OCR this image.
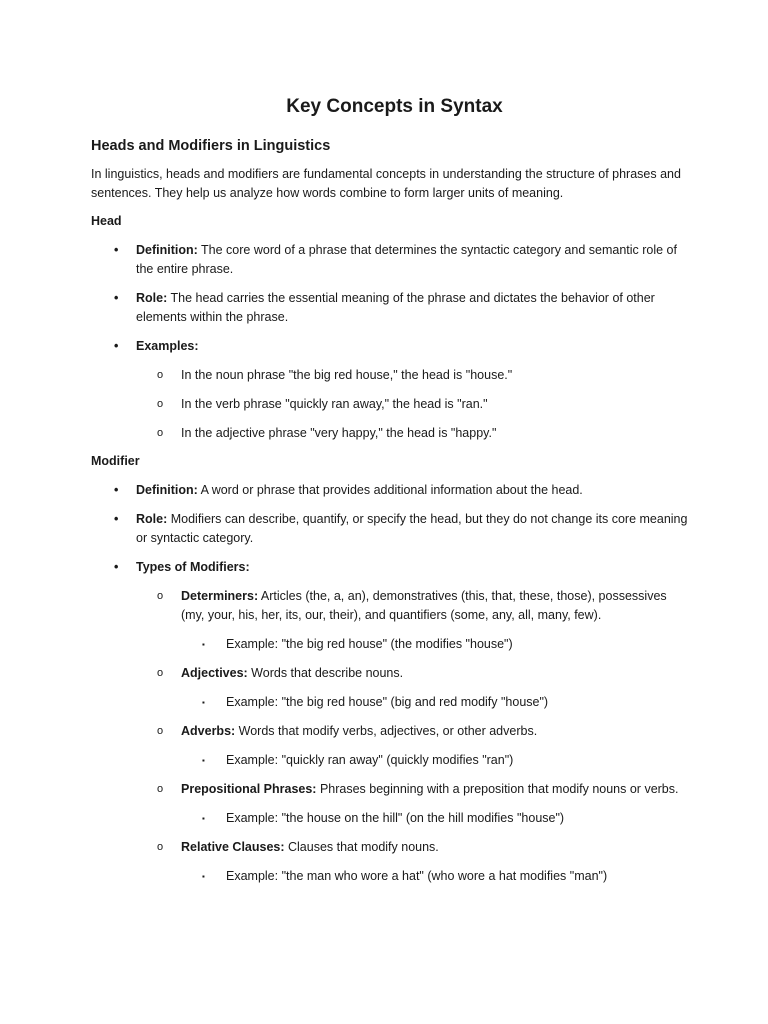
Key Concepts in Syntax
Heads and Modifiers in Linguistics

In linguistics, heads and modifiers are fundamental concepts in understanding the structure of phrases and sentences. They help us analyze how words combine to form larger units of meaning.

Head
• Definition: The core word of a phrase that determines the syntactic category and semantic role of the entire phrase.
• Role: The head carries the essential meaning of the phrase and dictates the behavior of other elements within the phrase.
• Examples:
o In the noun phrase "the big red house," the head is "house."
o In the verb phrase "quickly ran away," the head is "ran."
o In the adjective phrase "very happy," the head is "happy."
Modifier
• Definition: A word or phrase that provides additional information about the head.
• Role: Modifiers can describe, quantify, or specify the head, but they do not change its core meaning or syntactic category.
• Types of Modifiers:
o Determiners: Articles (the, a, an), demonstratives (this, that, these, those), possessives (my, your, his, her, its, our, their), and quantifiers (some, any, all, many, few).
▪ Example: "the big red house" (the modifies "house")
o Adjectives: Words that describe nouns.
▪ Example: "the big red house" (big and red modify "house")
o Adverbs: Words that modify verbs, adjectives, or other adverbs.
▪ Example: "quickly ran away" (quickly modifies "ran")
o Prepositional Phrases: Phrases beginning with a preposition that modify nouns or verbs.
▪ Example: "the house on the hill" (on the hill modifies "house")
o Relative Clauses: Clauses that modify nouns.
▪ Example: "the man who wore a hat" (who wore a hat modifies "man")
